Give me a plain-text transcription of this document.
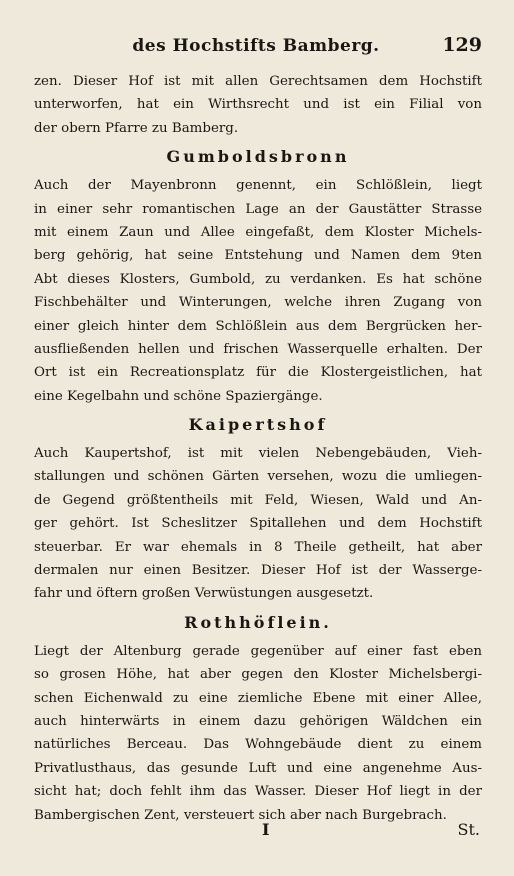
des Hochstifts Bamberg.	129
zen. Dieser Hof ist mit allen Gerechtsamen dem Hochstift
unterworfen, hat ein Wirthsrecht und ist ein Filial von
der obern Pfarre zu Bamberg.
Gumboldsbronn
Auch der Mayenbronn genennt, ein Schlößlein, liegt
in einer sehr romantischen Lage an der Gaustätter Strasse
mit einem Zaun und Allee eingefaßt, dem Kloster Michels-
berg gehörig, hat seine Entstehung und Namen dem 9ten
Abt dieses Klosters, Gumbold, zu verdanken. Es hat schöne
Fischbehälter und Winterungen, welche ihren Zugang von
einer gleich hinter dem Schlößlein aus dem Bergrücken her-
ausfließenden hellen und frischen Wasserquelle erhalten. Der
Ort ist ein Recreationsplatz für die Klostergeistlichen, hat
eine Kegelbahn und schöne Spaziergänge.
Kaipertshof
Auch Kaupertshof, ist mit vielen Nebengebäuden, Vieh-
stallungen und schönen Gärten versehen, wozu die umliegen-
de Gegend größtentheils mit Feld, Wiesen, Wald und An-
ger gehört. Ist Scheslitzer Spitallehen und dem Hochstift
steuerbar. Er war ehemals in 8 Theile getheilt, hat aber
dermalen nur einen Besitzer. Dieser Hof ist der Wasserge-
fahr und öftern großen Verwüstungen ausgesetzt.
Rothhöflein.
Liegt der Altenburg gerade gegenüber auf einer fast eben
so grosen Höhe, hat aber gegen den Kloster Michelsbergi-
schen Eichenwald zu eine ziemliche Ebene mit einer Allee,
auch hinterwärts in einem dazu gehörigen Wäldchen ein
natürliches Berceau. Das Wohngebäude dient zu einem
Privatlusthaus, das gesunde Luft und eine angenehme Aus-
sicht hat; doch fehlt ihm das Wasser. Dieser Hof liegt in der
Bambergischen Zent, versteuert sich aber nach Burgebrach.
I	St.
